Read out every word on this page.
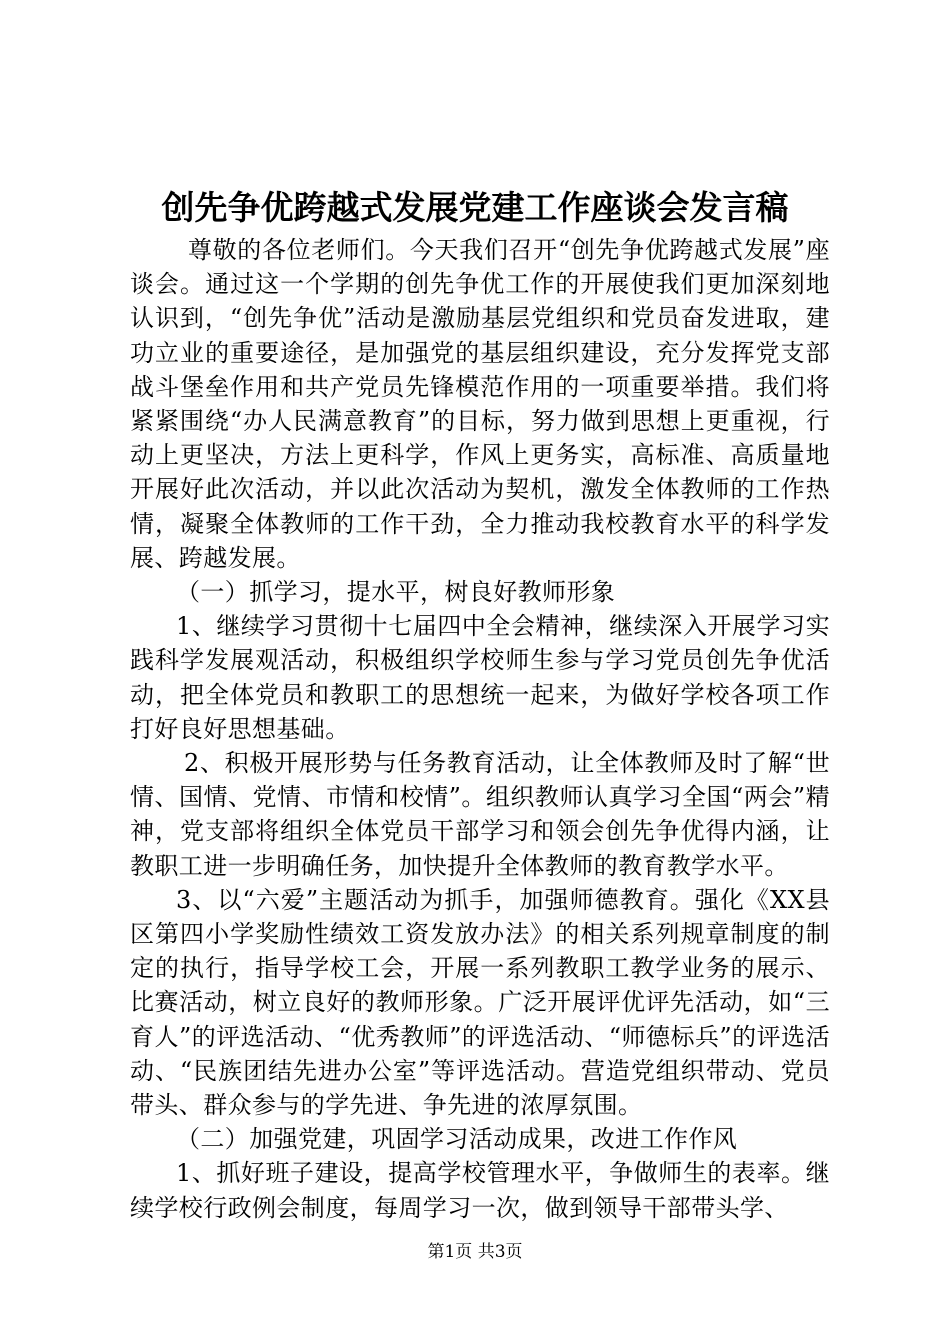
创先争优跨越式发展党建工作座谈会发言稿

尊敬的各位老师们。今天我们召开“创先争优跨越式发展”座谈会。通过这一个学期的创先争优工作的开展使我们更加深刻地认识到，“创先争优”活动是激励基层党组织和党员奋发进取，建功立业的重要途径，是加强党的基层组织建设，充分发挥党支部战斗堡垒作用和共产党员先锋模范作用的一项重要举措。我们将紧紧围绕“办人民满意教育”的目标，努力做到思想上更重视，行动上更坚决，方法上更科学，作风上更务实，高标准、高质量地开展好此次活动，并以此次活动为契机，激发全体教师的工作热情，凝聚全体教师的工作干劲，全力推动我校教育水平的科学发展、跨越发展。

（一）抓学习，提水平，树良好教师形象

1、继续学习贯彻十七届四中全会精神，继续深入开展学习实践科学发展观活动，积极组织学校师生参与学习党员创先争优活动，把全体党员和教职工的思想统一起来，为做好学校各项工作打好良好思想基础。

2、积极开展形势与任务教育活动，让全体教师及时了解“世情、国情、党情、市情和校情”。组织教师认真学习全国“两会”精神，党支部将组织全体党员干部学习和领会创先争优得内涵，让教职工进一步明确任务，加快提升全体教师的教育教学水平。

3、以“六爱”主题活动为抓手，加强师德教育。强化《XX县区第四小学奖励性绩效工资发放办法》的相关系列规章制度的制定的执行，指导学校工会，开展一系列教职工教学业务的展示、比赛活动，树立良好的教师形象。广泛开展评优评先活动，如“三育人”的评选活动、“优秀教师”的评选活动、“师德标兵”的评选活动、“民族团结先进办公室”等评选活动。营造党组织带动、党员带头、群众参与的学先进、争先进的浓厚氛围。

（二）加强党建，巩固学习活动成果，改进工作作风

1、抓好班子建设，提高学校管理水平，争做师生的表率。继续学校行政例会制度，每周学习一次，做到领导干部带头学、

第1页 共3页
